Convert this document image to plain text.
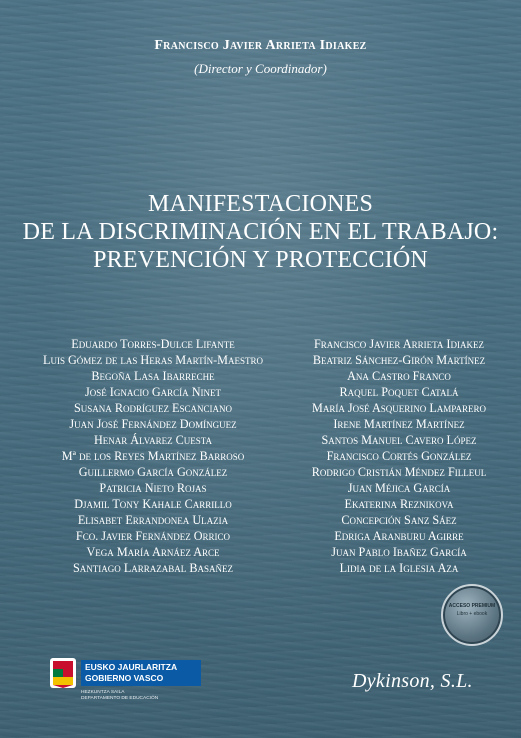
Francisco Javier Arrieta Idiakez
(Director y Coordinador)
MANIFESTACIONES
DE LA DISCRIMINACIÓN EN EL TRABAJO:
PREVENCIÓN Y PROTECCIÓN
Eduardo Torres-Dulce Lifante
Luis Gómez de las Heras Martín-Maestro
Begoña Lasa Ibarreche
José Ignacio García Ninet
Susana Rodríguez Escanciano
Juan José Fernández Domínguez
Henar Álvarez Cuesta
Mª de los Reyes Martínez Barroso
Guillermo García González
Patricia Nieto Rojas
Djamil Tony Kahale Carrillo
Elisabet Errandonea Ulazia
Fco. Javier Fernández Orrico
Vega María Arnáez Arce
Santiago Larrazabal Basañez
Francisco Javier Arrieta Idiakez
Beatriz Sánchez-Girón Martínez
Ana Castro Franco
Raquel Poquet Catalá
María José Asquerino Lamparero
Irene Martínez Martínez
Santos Manuel Cavero López
Francisco Cortés González
Rodrigo Cristián Méndez Filleul
Juan Méjica García
Ekaterina Reznikova
Concepción Sanz Sáez
Edriga Aranburu Agirre
Juan Pablo Ibañez García
Lidia de la Iglesia Aza
ACCESO PREMIUM
Libro + ebook
EUSKO JAURLARITZA
GOBIERNO VASCO
HEZKUNTZA SAILA
DEPARTAMENTO DE EDUCACIÓN
Dykinson, S.L.
